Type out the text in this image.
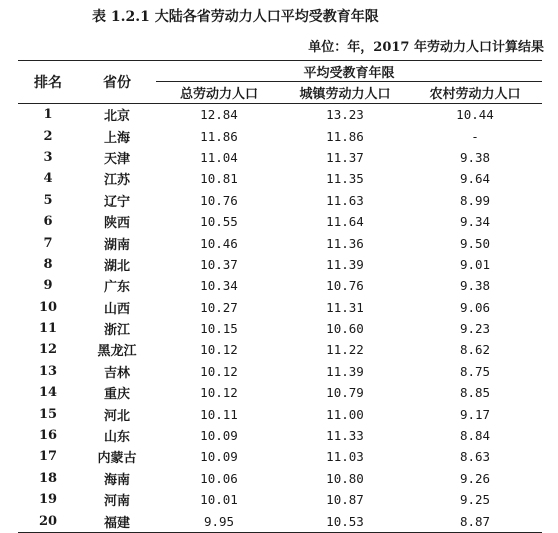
表 1.2.1 大陆各省劳动力人口平均受教育年限
单位：年，2017 年劳动力人口计算结果
排名	省份	平均受教育年限		
		总劳动力人口	城镇劳动力人口	农村劳动力人口
1	北京	12.84	13.23	10.44
2	上海	11.86	11.86	-
3	天津	11.04	11.37	9.38
4	江苏	10.81	11.35	9.64
5	辽宁	10.76	11.63	8.99
6	陕西	10.55	11.64	9.34
7	湖南	10.46	11.36	9.50
8	湖北	10.37	11.39	9.01
9	广东	10.34	10.76	9.38
10	山西	10.27	11.31	9.06
11	浙江	10.15	10.60	9.23
12	黑龙江	10.12	11.22	8.62
13	吉林	10.12	11.39	8.75
14	重庆	10.12	10.79	8.85
15	河北	10.11	11.00	9.17
16	山东	10.09	11.33	8.84
17	内蒙古	10.09	11.03	8.63
18	海南	10.06	10.80	9.26
19	河南	10.01	10.87	9.25
20	福建	9.95	10.53	8.87
